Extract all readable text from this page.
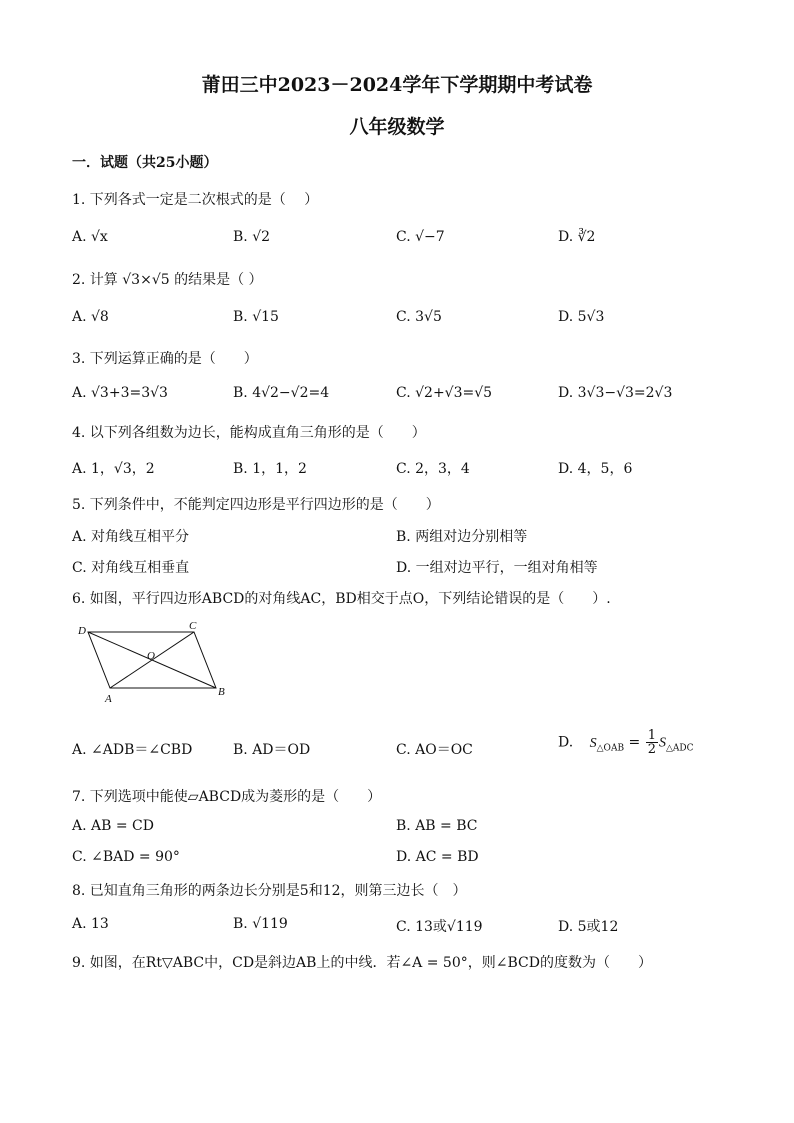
莆田三中2023－2024学年下学期期中考试卷
八年级数学
一．试题（共25小题）
1. 下列各式一定是二次根式的是（　 ）
A. √x	B. √2	C. √−7	D. ∛2
2. 计算 √3×√5 的结果是（ ）
A. √8	B. √15	C. 3√5	D. 5√3
3. 下列运算正确的是（　　）
A. √3+3=3√3	B. 4√2−√2=4	C. √2+√3=√5	D. 3√3−√3=2√3
4. 以下列各组数为边长，能构成直角三角形的是（　　）
A. 1，√3，2	B. 1，1，2	C. 2，3，4	D. 4，5，6
5. 下列条件中，不能判定四边形是平行四边形的是（　　）
A. 对角线互相平分	B. 两组对边分别相等
C. 对角线互相垂直	D. 一组对边平行，一组对角相等
6. 如图，平行四边形ABCD的对角线AC，BD相交于点O，下列结论错误的是（　　）.
D	C
O
A
B
A. ∠ADB＝∠CBD	B. AD＝OD	C. AO＝OC	D. $S_{\triangle OAB} = \frac{1}{2} S_{\triangle ADC}$
7. 下列选项中能使▱ABCD成为菱形的是（　　）
A. AB = CD	B. AB = BC
C. ∠BAD = 90°	D. AC = BD
8. 已知直角三角形的两条边长分别是5和12，则第三边长（　）
A. 13	B. √119	C. 13或√119	D. 5或12
9. 如图，在Rt▽ABC中，CD是斜边AB上的中线．若∠A = 50°，则∠BCD的度数为（　　）
